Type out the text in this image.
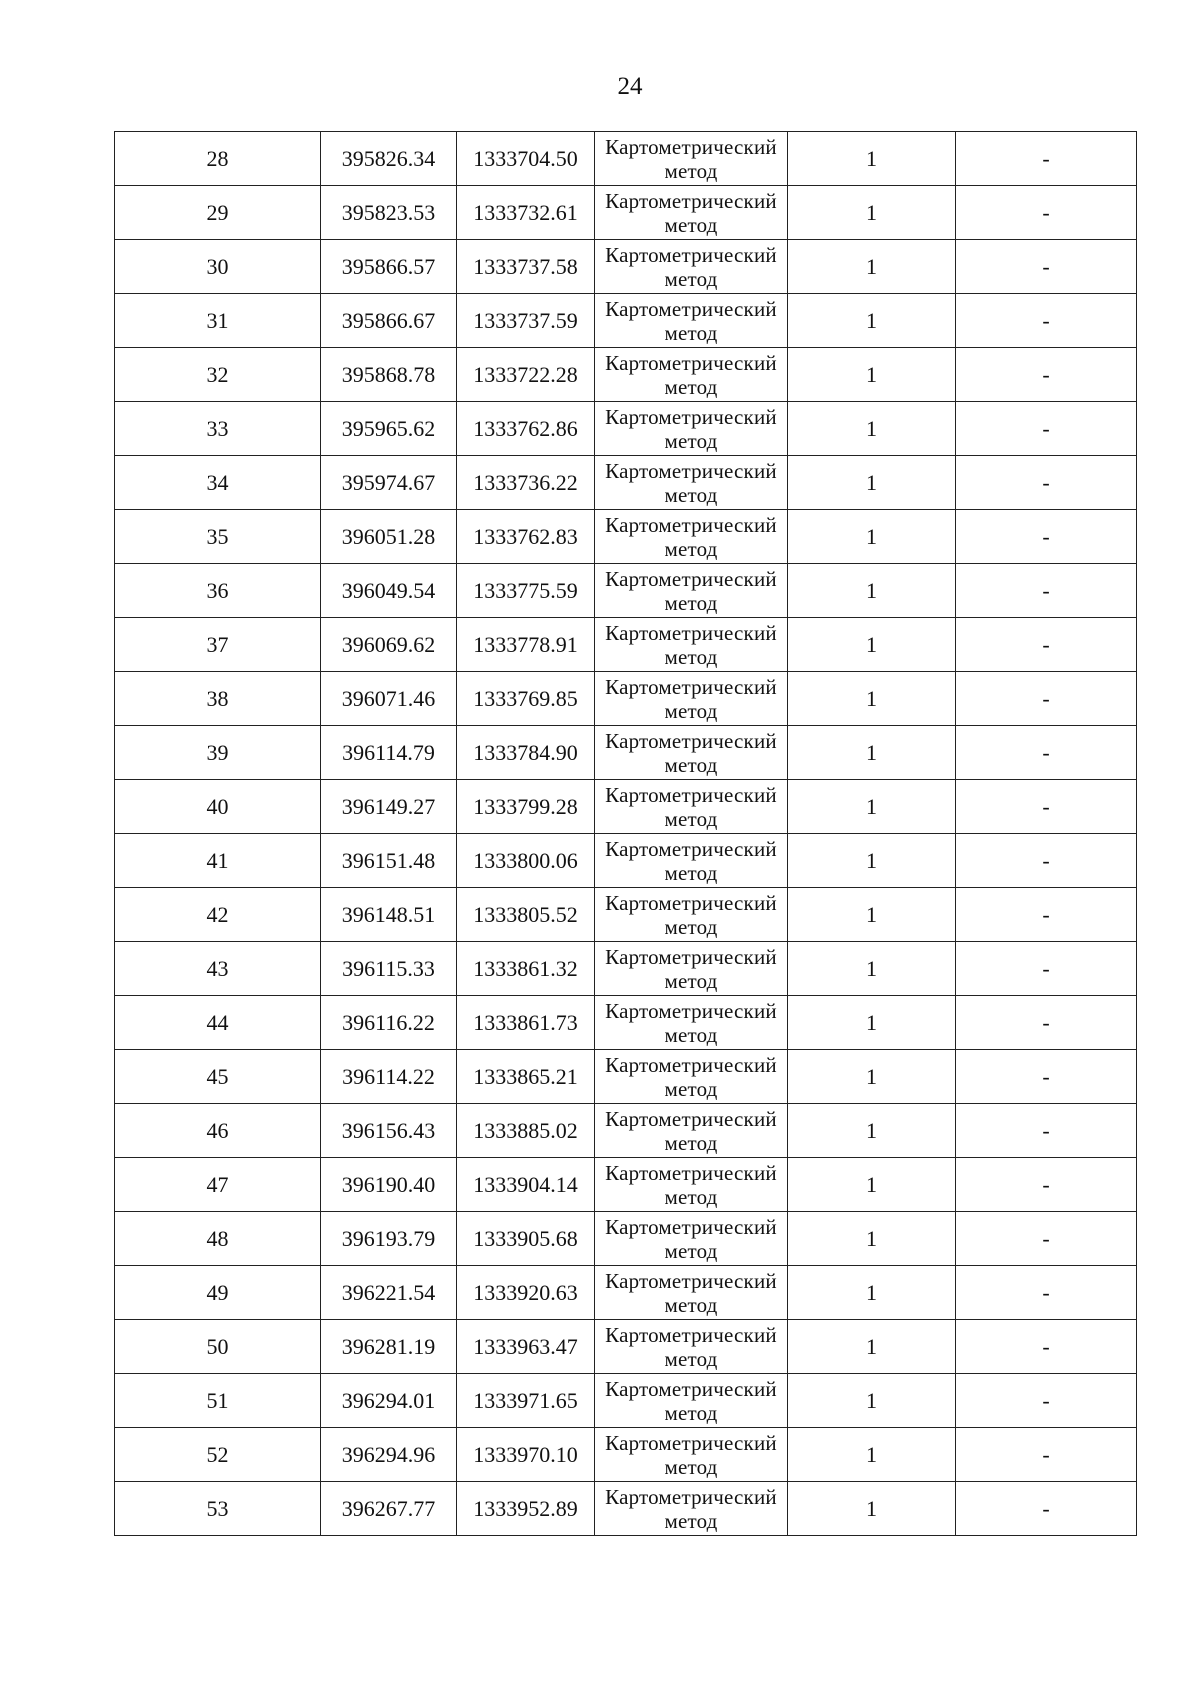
24
28	395826.34	1333704.50	Картометрический
метод	1	-
29	395823.53	1333732.61	Картометрический
метод	1	-
30	395866.57	1333737.58	Картометрический
метод	1	-
31	395866.67	1333737.59	Картометрический
метод	1	-
32	395868.78	1333722.28	Картометрический
метод	1	-
33	395965.62	1333762.86	Картометрический
метод	1	-
34	395974.67	1333736.22	Картометрический
метод	1	-
35	396051.28	1333762.83	Картометрический
метод	1	-
36	396049.54	1333775.59	Картометрический
метод	1	-
37	396069.62	1333778.91	Картометрический
метод	1	-
38	396071.46	1333769.85	Картометрический
метод	1	-
39	396114.79	1333784.90	Картометрический
метод	1	-
40	396149.27	1333799.28	Картометрический
метод	1	-
41	396151.48	1333800.06	Картометрический
метод	1	-
42	396148.51	1333805.52	Картометрический
метод	1	-
43	396115.33	1333861.32	Картометрический
метод	1	-
44	396116.22	1333861.73	Картометрический
метод	1	-
45	396114.22	1333865.21	Картометрический
метод	1	-
46	396156.43	1333885.02	Картометрический
метод	1	-
47	396190.40	1333904.14	Картометрический
метод	1	-
48	396193.79	1333905.68	Картометрический
метод	1	-
49	396221.54	1333920.63	Картометрический
метод	1	-
50	396281.19	1333963.47	Картометрический
метод	1	-
51	396294.01	1333971.65	Картометрический
метод	1	-
52	396294.96	1333970.10	Картометрический
метод	1	-
53	396267.77	1333952.89	Картометрический
метод	1	-
